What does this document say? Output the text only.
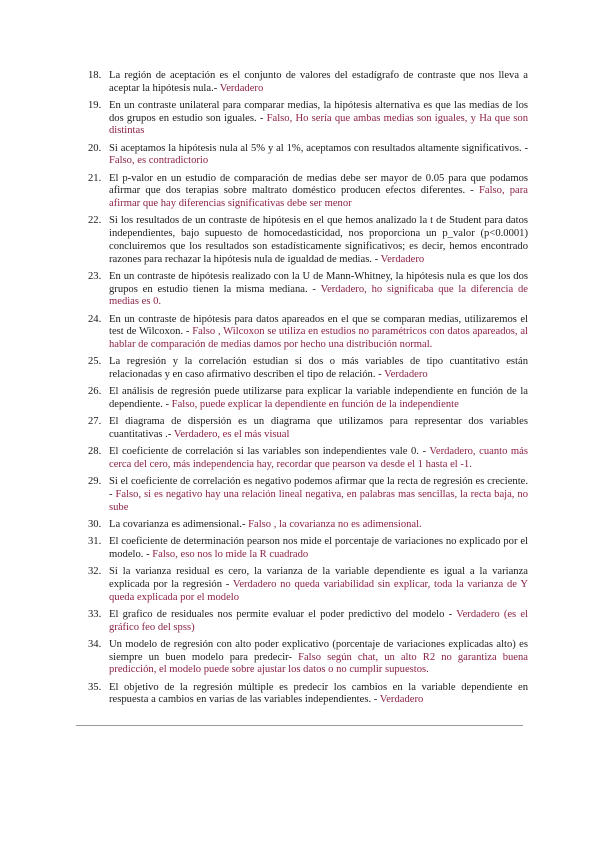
18. La región de aceptación es el conjunto de valores del estadígrafo de contraste que nos lleva a aceptar la hipótesis nula.- Verdadero
19. En un contraste unilateral para comparar medias, la hipótesis alternativa es que las medias de los dos grupos en estudio son iguales. - Falso, Ho sería que ambas medias son iguales, y Ha que son distintas
20. Si aceptamos la hipótesis nula al 5% y al 1%, aceptamos con resultados altamente significativos. - Falso, es contradictorio
21. El p-valor en un estudio de comparación de medias debe ser mayor de 0.05 para que podamos afirmar que dos terapias sobre maltrato doméstico producen efectos diferentes. - Falso, para afirmar que hay diferencias significativas debe ser menor
22. Si los resultados de un contraste de hipótesis en el que hemos analizado la t de Student para datos independientes, bajo supuesto de homocedasticidad, nos proporciona un p_valor (p<0.0001) concluiremos que los resultados son estadísticamente significativos; es decir, hemos encontrado razones para rechazar la hipótesis nula de igualdad de medias. - Verdadero
23. En un contraste de hipótesis realizado con la U de Mann-Whitney, la hipótesis nula es que los dos grupos en estudio tienen la misma mediana. - Verdadero, ho significaba que la diferencia de medias es 0.
24. En un contraste de hipótesis para datos apareados en el que se comparan medias, utilizaremos el test de Wilcoxon. - Falso , Wilcoxon se utiliza en estudios no paramétricos con datos apareados, al hablar de comparación de medias damos por hecho una distribución normal.
25. La regresión y la correlación estudian si dos o más variables de tipo cuantitativo están relacionadas y en caso afirmativo describen el tipo de relación. - Verdadero
26. El análisis de regresión puede utilizarse para explicar la variable independiente en función de la dependiente. - Falso, puede explicar la dependiente en función de la independiente
27. El diagrama de dispersión es un diagrama que utilizamos para representar dos variables cuantitativas .- Verdadero, es el más visual
28. El coeficiente de correlación si las variables son independientes vale 0. - Verdadero, cuanto más cerca del cero, más independencia hay, recordar que pearson va desde el 1 hasta el -1.
29. Si el coeficiente de correlación es negativo podemos afirmar que la recta de regresión es creciente. - Falso, si es negativo hay una relación lineal negativa, en palabras mas sencillas, la recta baja, no sube
30. La covarianza es adimensional.- Falso , la covarianza no es adimensional.
31. El coeficiente de determinación pearson nos mide el porcentaje de variaciones no explicado por el modelo. - Falso, eso nos lo mide la R cuadrado
32. Si la varianza residual es cero, la varianza de la variable dependiente es igual a la varianza explicada por la regresión - Verdadero no queda variabilidad sin explicar, toda la varianza de Y queda explicada por el modelo
33. El grafico de residuales nos permite evaluar el poder predictivo del modelo - Verdadero (es el gráfico feo del spss)
34. Un modelo de regresión con alto poder explicativo (porcentaje de variaciones explicadas alto) es siempre un buen modelo para predecir- Falso según chat, un alto R2 no garantiza buena predicción, el modelo puede sobre ajustar los datos o no cumplir supuestos.
35. El objetivo de la regresión múltiple es predecir los cambios en la variable dependiente en respuesta a cambios en varias de las variables independientes. - Verdadero
